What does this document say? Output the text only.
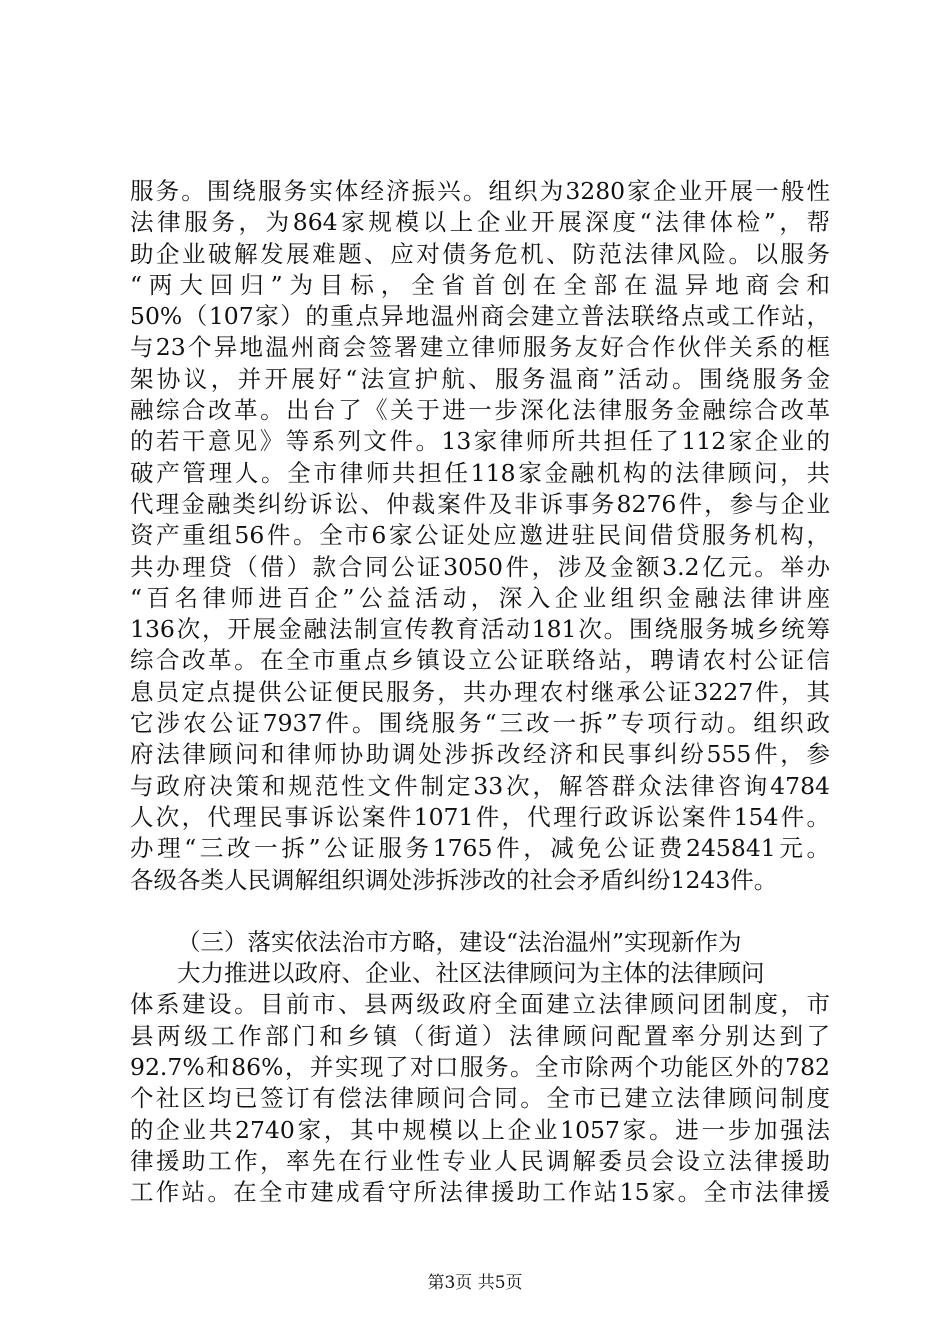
服务。围绕服务实体经济振兴。组织为3280家企业开展一般性
法律服务，为864家规模以上企业开展深度“法律体检”，帮
助企业破解发展难题、应对债务危机、防范法律风险。以服务
“两大回归”为目标，全省首创在全部在温异地商会和
50%（107家）的重点异地温州商会建立普法联络点或工作站，
与23个异地温州商会签署建立律师服务友好合作伙伴关系的框
架协议，并开展好“法宣护航、服务温商”活动。围绕服务金
融综合改革。出台了《关于进一步深化法律服务金融综合改革
的若干意见》等系列文件。13家律师所共担任了112家企业的
破产管理人。全市律师共担任118家金融机构的法律顾问，共
代理金融类纠纷诉讼、仲裁案件及非诉事务8276件，参与企业
资产重组56件。全市6家公证处应邀进驻民间借贷服务机构，
共办理贷（借）款合同公证3050件，涉及金额3.2亿元。举办
“百名律师进百企”公益活动，深入企业组织金融法律讲座
136次，开展金融法制宣传教育活动181次。围绕服务城乡统筹
综合改革。在全市重点乡镇设立公证联络站，聘请农村公证信
息员定点提供公证便民服务，共办理农村继承公证3227件，其
它涉农公证7937件。围绕服务“三改一拆”专项行动。组织政
府法律顾问和律师协助调处涉拆改经济和民事纠纷555件，参
与政府决策和规范性文件制定33次，解答群众法律咨询4784
人次，代理民事诉讼案件1071件，代理行政诉讼案件154件。
办理“三改一拆”公证服务1765件，减免公证费245841元。
各级各类人民调解组织调处涉拆涉改的社会矛盾纠纷1243件。
（三）落实依法治市方略，建设“法治温州”实现新作为
大力推进以政府、企业、社区法律顾问为主体的法律顾问
体系建设。目前市、县两级政府全面建立法律顾问团制度，市
县两级工作部门和乡镇（街道）法律顾问配置率分别达到了
92.7%和86%，并实现了对口服务。全市除两个功能区外的782
个社区均已签订有偿法律顾问合同。全市已建立法律顾问制度
的企业共2740家，其中规模以上企业1057家。进一步加强法
律援助工作，率先在行业性专业人民调解委员会设立法律援助
工作站。在全市建成看守所法律援助工作站15家。全市法律援
第3页 共5页
